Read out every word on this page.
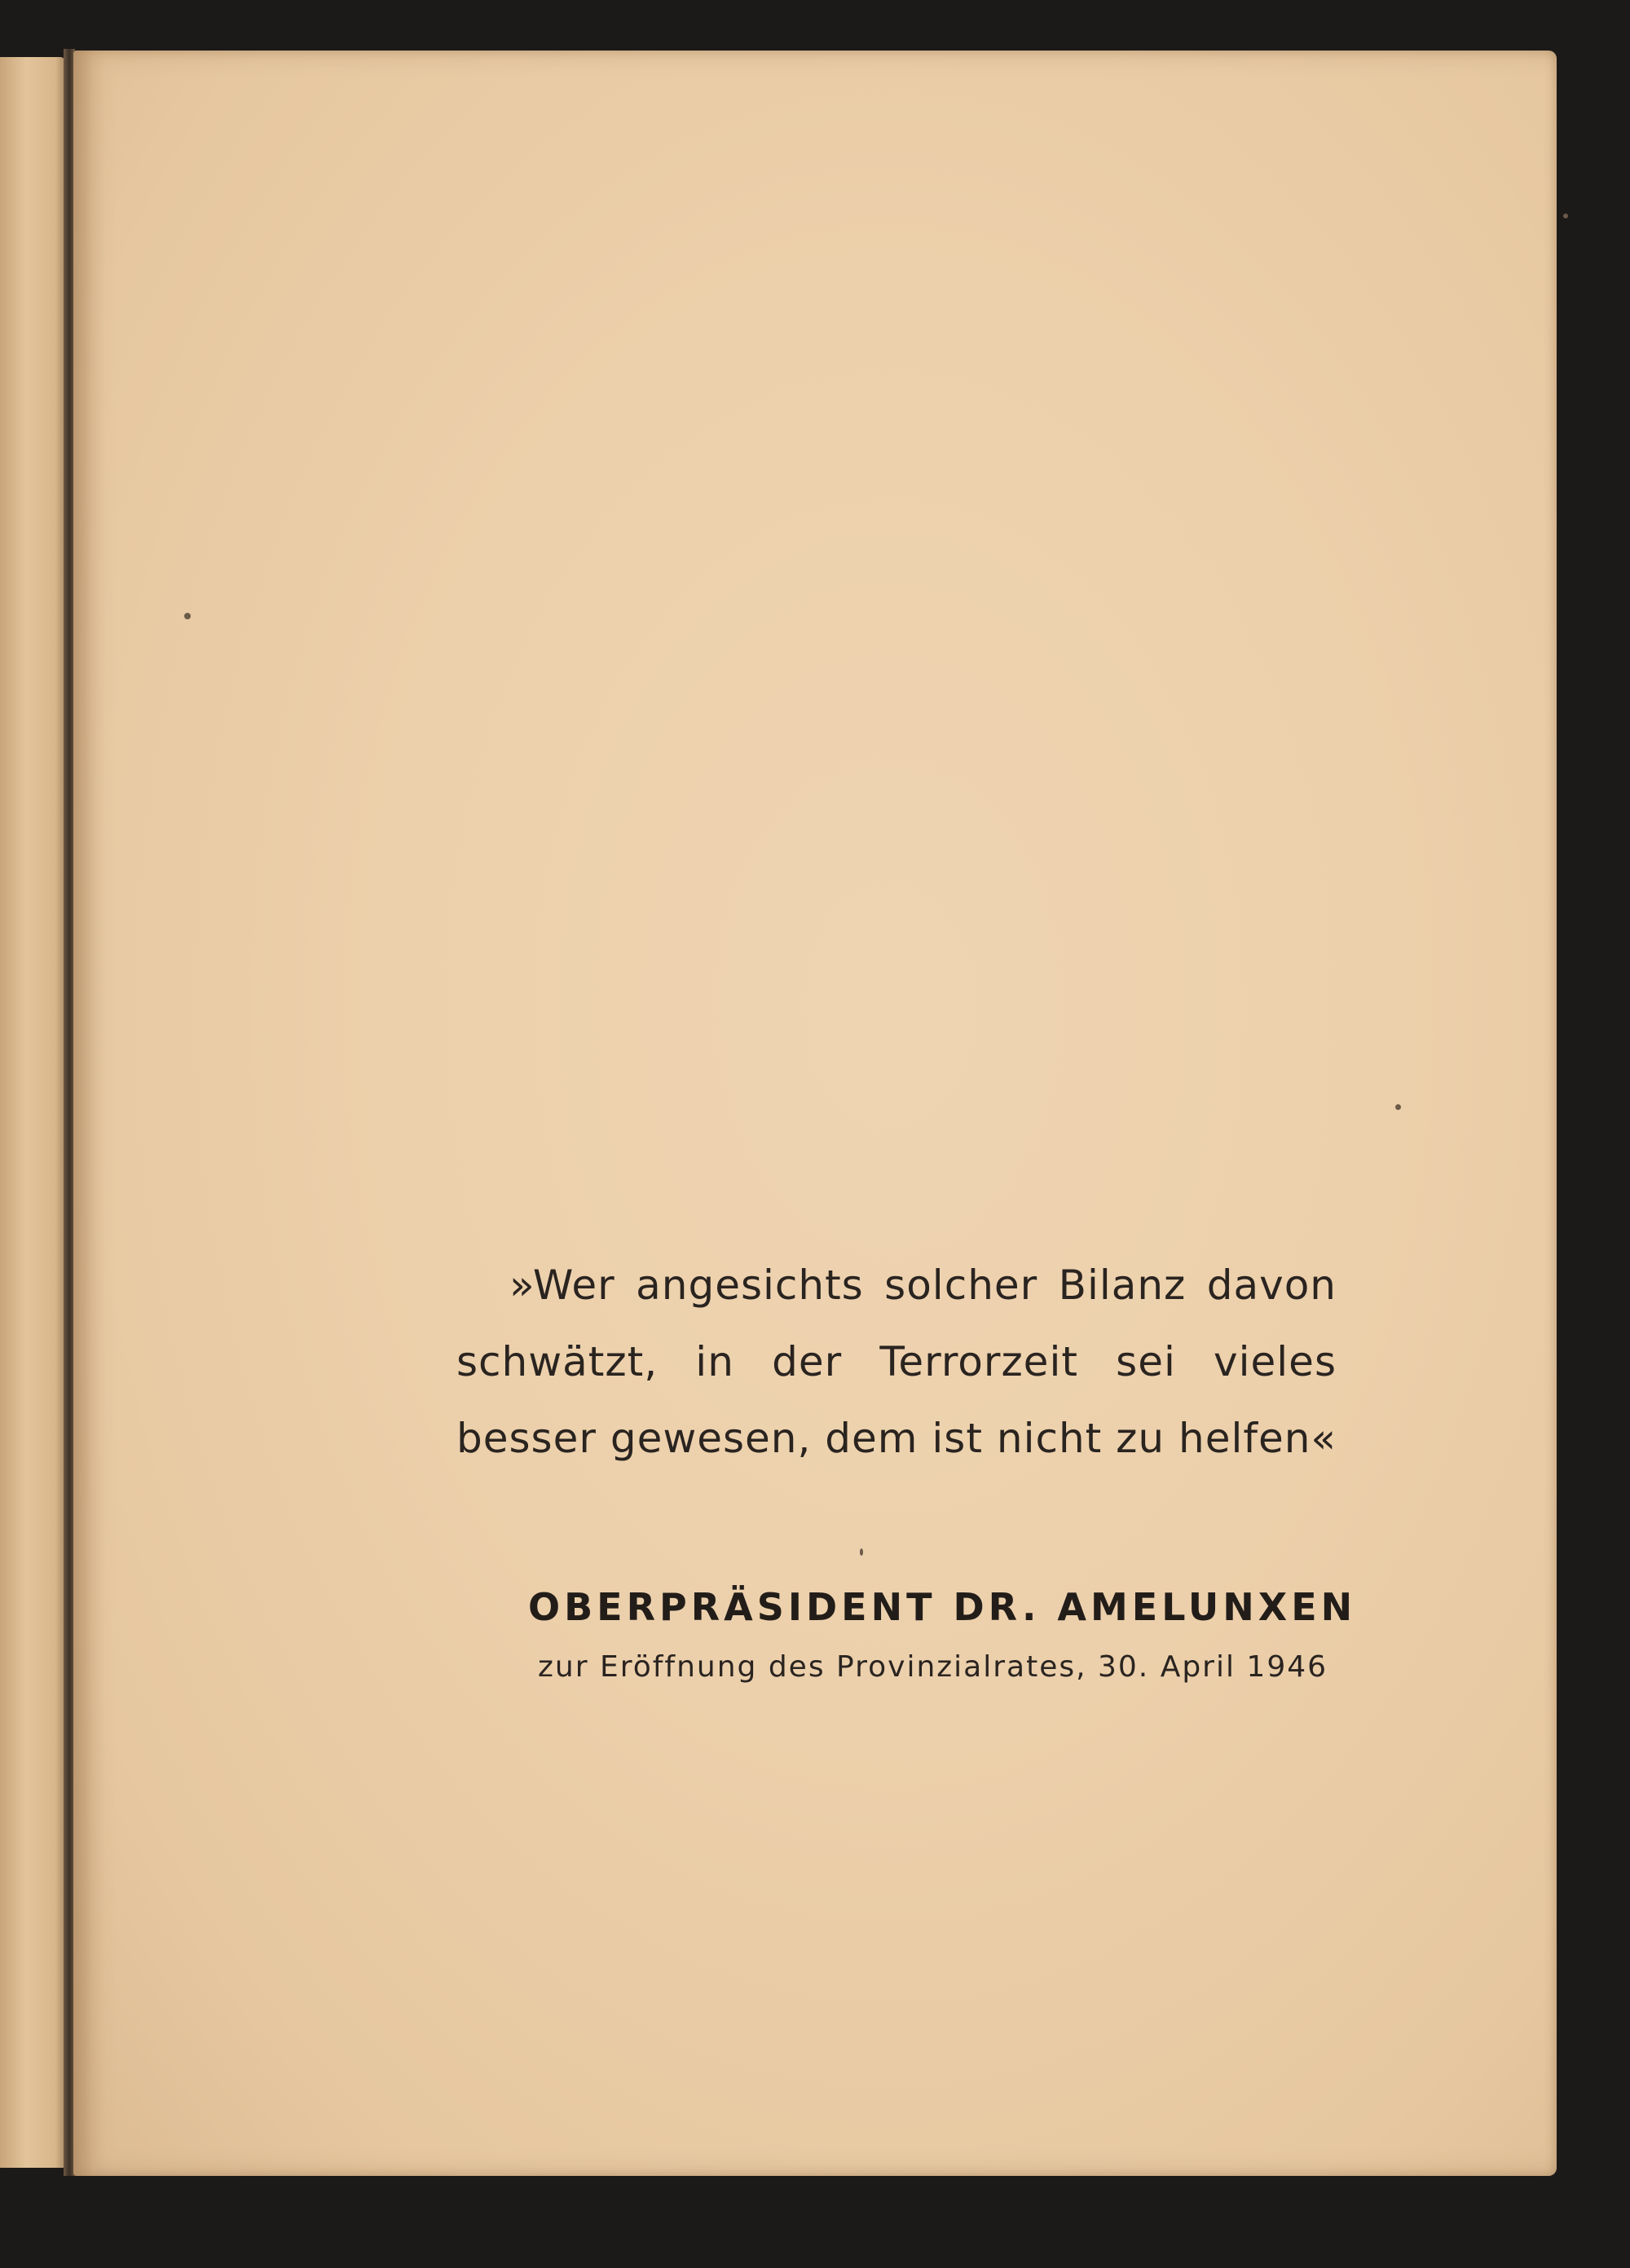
»Wer angesichts solcher Bilanz davon
schwätzt, in der Terrorzeit sei vieles
besser gewesen, dem ist nicht zu helfen«
OBERPRÄSIDENT DR. AMELUNXEN
zur Eröffnung des Provinzialrates, 30. April 1946
